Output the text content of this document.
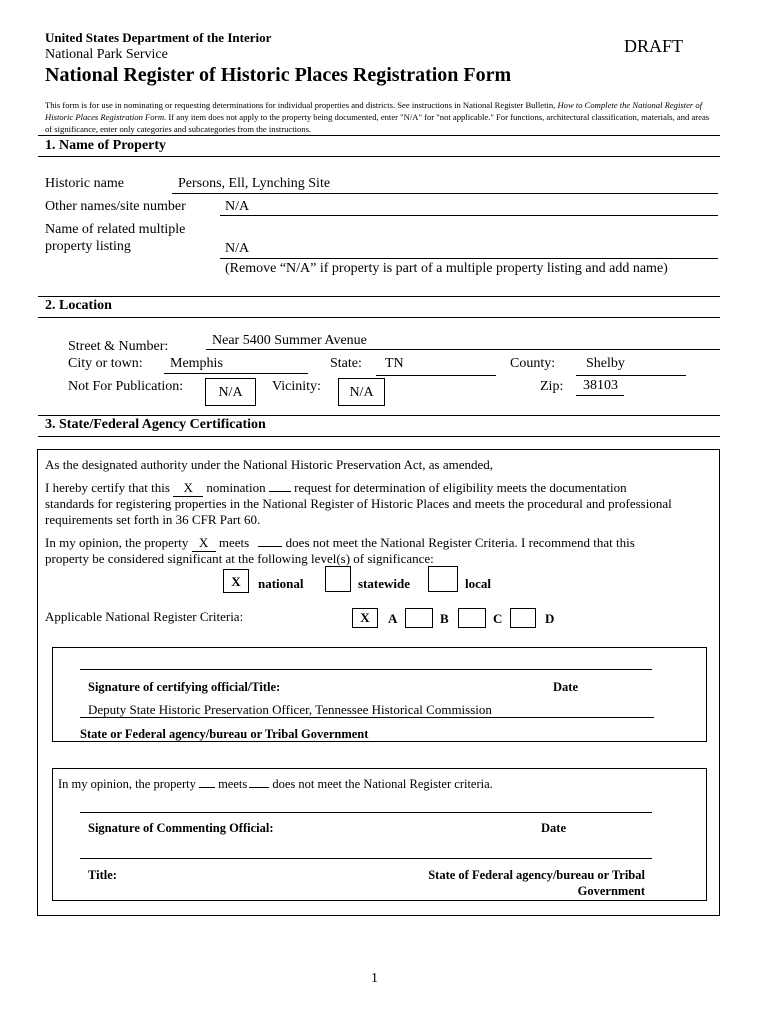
United States Department of the Interior
National Park Service	DRAFT
National Register of Historic Places Registration Form
This form is for use in nominating or requesting determinations for individual properties and districts. See instructions in National Register Bulletin, How to Complete the National Register of Historic Places Registration Form. If any item does not apply to the property being documented, enter "N/A" for "not applicable." For functions, architectural classification, materials, and areas of significance, enter only categories and subcategories from the instructions.
1. Name of Property
Historic name	Persons, Ell, Lynching Site
Other names/site number	N/A
Name of related multiple
property listing	N/A
(Remove “N/A” if property is part of a multiple property listing and add name)
2. Location
Street & Number:	Near 5400 Summer Avenue
City or town: Memphis	State: TN	County: Shelby
Not For Publication:	N/A	Vicinity:	N/A	Zip: 38103
3. State/Federal Agency Certification
As the designated authority under the National Historic Preservation Act, as amended,
I hereby certify that this X nomination request for determination of eligibility meets the documentation
standards for registering properties in the National Register of Historic Places and meets the procedural and professional
requirements set forth in 36 CFR Part 60.
In my opinion, the property X meets	does not meet the National Register Criteria. I recommend that this
property be considered significant at the following level(s) of significance:
X	national	statewide	local
Applicable National Register Criteria:	X	A	B	C	D
Signature of certifying official/Title:	Date
Deputy State Historic Preservation Officer, Tennessee Historical Commission
State or Federal agency/bureau or Tribal Government
In my opinion, the property meets does not meet the National Register criteria.
Signature of Commenting Official:	Date
Title:	State of Federal agency/bureau or Tribal
Government
1
